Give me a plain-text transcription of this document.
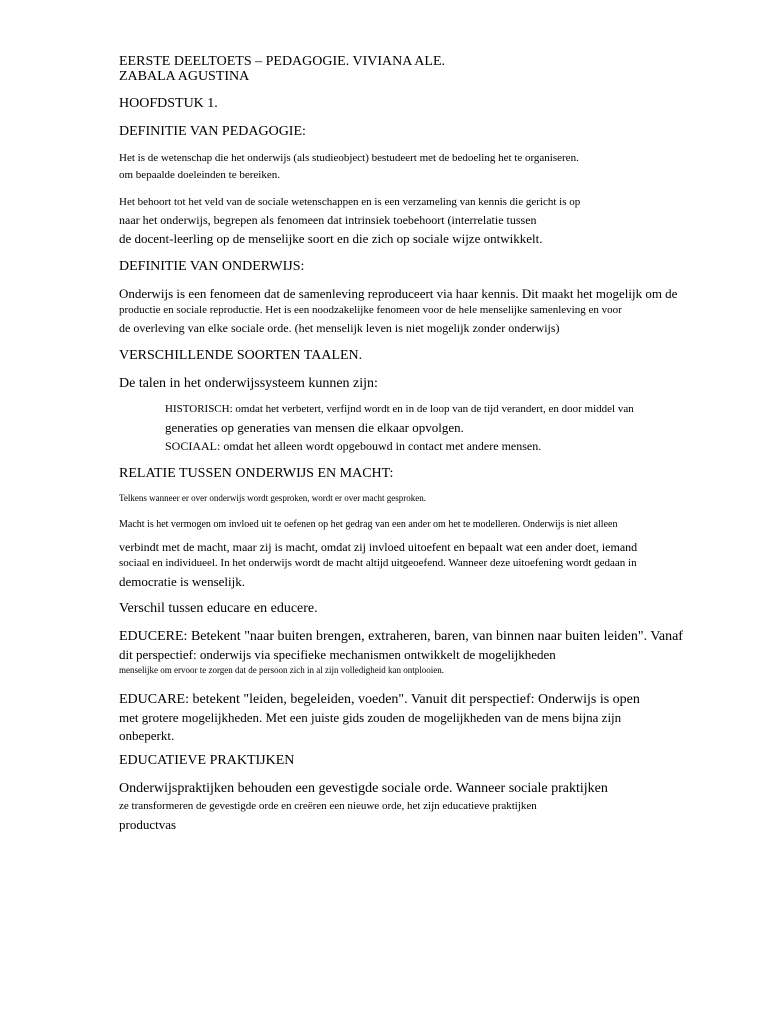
EERSTE DEELTOETS – PEDAGOGIE. VIVIANA ALE.
ZABALA AGUSTINA
HOOFDSTUK 1.
DEFINITIE VAN PEDAGOGIE:
Het is de wetenschap die het onderwijs (als studieobject) bestudeert met de bedoeling het te organiseren.
om bepaalde doeleinden te bereiken.
Het behoort tot het veld van de sociale wetenschappen en is een verzameling van kennis die gericht is op
naar het onderwijs, begrepen als fenomeen dat intrinsiek toebehoort (interrelatie tussen
de docent-leerling op de menselijke soort en die zich op sociale wijze ontwikkelt.
DEFINITIE VAN ONDERWIJS:
Onderwijs is een fenomeen dat de samenleving reproduceert via haar kennis. Dit maakt het mogelijk om de
productie en sociale reproductie. Het is een noodzakelijke fenomeen voor de hele menselijke samenleving en voor
de overleving van elke sociale orde. (het menselijk leven is niet mogelijk zonder onderwijs)
VERSCHILLENDE SOORTEN TAALEN.
De talen in het onderwijssysteem kunnen zijn:
HISTORISCH: omdat het verbetert, verfijnd wordt en in de loop van de tijd verandert, en door middel van
generaties op generaties van mensen die elkaar opvolgen.
SOCIAAL: omdat het alleen wordt opgebouwd in contact met andere mensen.
RELATIE TUSSEN ONDERWIJS EN MACHT:
Telkens wanneer er over onderwijs wordt gesproken, wordt er over macht gesproken.
Macht is het vermogen om invloed uit te oefenen op het gedrag van een ander om het te modelleren. Onderwijs is niet alleen
verbindt met de macht, maar zij is macht, omdat zij invloed uitoefent en bepaalt wat een ander doet, iemand
sociaal en individueel. In het onderwijs wordt de macht altijd uitgeoefend. Wanneer deze uitoefening wordt gedaan in
democratie is wenselijk.
Verschil tussen educare en educere.
EDUCERE: Betekent "naar buiten brengen, extraheren, baren, van binnen naar buiten leiden". Vanaf
dit perspectief: onderwijs via specifieke mechanismen ontwikkelt de mogelijkheden
menselijke om ervoor te zorgen dat de persoon zich in al zijn volledigheid kan ontplooien.
EDUCARE: betekent "leiden, begeleiden, voeden". Vanuit dit perspectief: Onderwijs is open
met grotere mogelijkheden. Met een juiste gids zouden de mogelijkheden van de mens bijna zijn
onbeperkt.
EDUCATIEVE PRAKTIJKEN
Onderwijspraktijken behouden een gevestigde sociale orde. Wanneer sociale praktijken
ze transformeren de gevestigde orde en creëren een nieuwe orde, het zijn educatieve praktijken
productvas
